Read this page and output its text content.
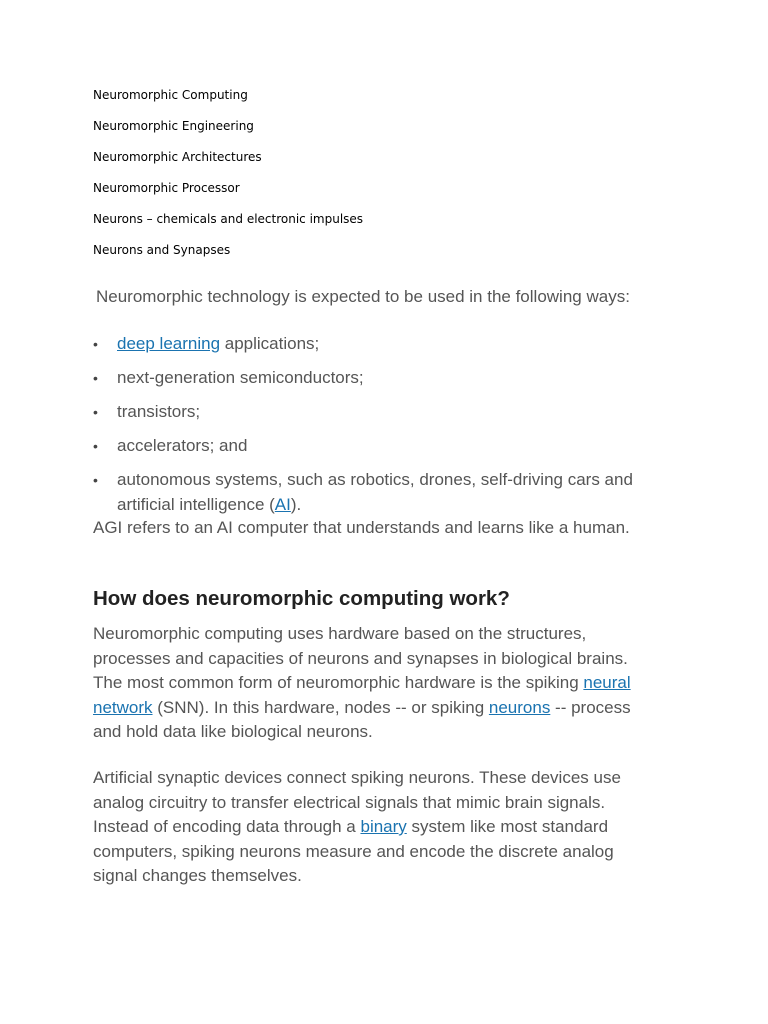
Neuromorphic Computing
Neuromorphic Engineering
Neuromorphic Architectures
Neuromorphic Processor
Neurons – chemicals and electronic impulses
Neurons and Synapses
Neuromorphic technology is expected to be used in the following ways:
• deep learning applications;
• next-generation semiconductors;
• transistors;
• accelerators; and
• autonomous systems, such as robotics, drones, self-driving cars and artificial intelligence (AI).
AGI refers to an AI computer that understands and learns like a human.
How does neuromorphic computing work?
Neuromorphic computing uses hardware based on the structures, processes and capacities of neurons and synapses in biological brains. The most common form of neuromorphic hardware is the spiking neural network (SNN). In this hardware, nodes -- or spiking neurons -- process and hold data like biological neurons.
Artificial synaptic devices connect spiking neurons. These devices use analog circuitry to transfer electrical signals that mimic brain signals. Instead of encoding data through a binary system like most standard computers, spiking neurons measure and encode the discrete analog signal changes themselves.
